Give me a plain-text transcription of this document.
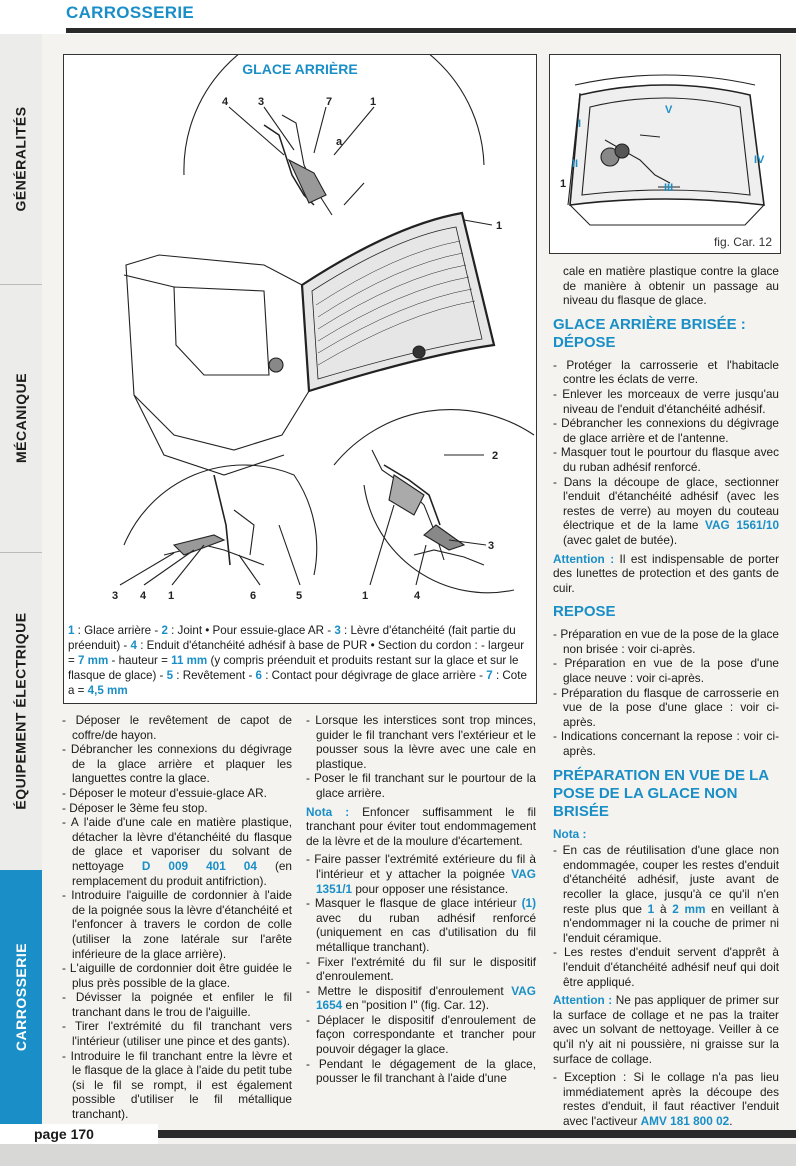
CARROSSERIE
GÉNÉRALITÉS
MÉCANIQUE
ÉQUIPEMENT ÉLECTRIQUE
CARROSSERIE
4	3	7	1
a
1
2
3 4 1	6	5	1	4
3
GLACE ARRIÈRE
1 : Glace arrière - 2 : Joint • Pour essuie-glace AR - 3 : Lèvre d'étanchéité (fait partie du préenduit) - 4 : Enduit d'étanchéité adhésif à base de PUR • Section du cordon : - largeur = 7 mm - hauteur = 11 mm (y compris préenduit et produits restant sur la glace et sur le flasque de glace) - 5 : Revêtement - 6 : Contact pour dégivrage de glace arrière - 7 : Cote a = 4,5 mm
V
I
II
1	III
IV
fig. Car. 12

- Déposer le revêtement de capot de coffre/de hayon.

- Débrancher les connexions du dégivrage de la glace arrière et plaquer les languettes contre la glace.

- Déposer le moteur d'essuie-glace AR.

- Déposer le 3ème feu stop.

- A l'aide d'une cale en matière plastique, détacher la lèvre d'étanchéité du flasque de glace et vaporiser du solvant de nettoyage D 009 401 04 (en remplacement du produit antifriction).

- Introduire l'aiguille de cordonnier à l'aide de la poignée sous la lèvre d'étanchéité et l'enfoncer à travers le cordon de colle (utiliser la zone latérale sur l'arête inférieure de la glace arrière).

- L'aiguille de cordonnier doit être guidée le plus près possible de la glace.

- Dévisser la poignée et enfiler le fil tranchant dans le trou de l'aiguille.

- Tirer l'extrémité du fil tranchant vers l'intérieur (utiliser une pince et des gants).

- Introduire le fil tranchant entre la lèvre et le flasque de la glace à l'aide du petit tube (si le fil se rompt, il est également possible d'utiliser le fil métallique tranchant).

- Lorsque les interstices sont trop minces, guider le fil tranchant vers l'extérieur et le pousser sous la lèvre avec une cale en plastique.

- Poser le fil tranchant sur le pourtour de la glace arrière.

Nota : Enfoncer suffisamment le fil tranchant pour éviter tout endommagement de la lèvre et de la moulure d'écartement.

- Faire passer l'extrémité extérieure du fil à l'intérieur et y attacher la poignée VAG 1351/1 pour opposer une résistance.

- Masquer le flasque de glace intérieur (1) avec du ruban adhésif renforcé (uniquement en cas d'utilisation du fil métallique tranchant).

- Fixer l'extrémité du fil sur le dispositif d'enroulement.

- Mettre le dispositif d'enroulement VAG 1654 en "position I" (fig. Car. 12).

- Déplacer le dispositif d'enroulement de façon correspondante et trancher pour pouvoir dégager la glace.

- Pendant le dégagement de la glace, pousser le fil tranchant à l'aide d'une

cale en matière plastique contre la glace de manière à obtenir un passage au niveau du flasque de glace.

GLACE ARRIÈRE BRISÉE : DÉPOSE

- Protéger la carrosserie et l'habitacle contre les éclats de verre.

- Enlever les morceaux de verre jusqu'au niveau de l'enduit d'étanchéité adhésif.

- Débrancher les connexions du dégivrage de glace arrière et de l'antenne.

- Masquer tout le pourtour du flasque avec du ruban adhésif renforcé.

- Dans la découpe de glace, sectionner l'enduit d'étanchéité adhésif (avec les restes de verre) au moyen du couteau électrique et de la lame VAG 1561/10 (avec galet de butée).

Attention : Il est indispensable de porter des lunettes de protection et des gants de cuir.

REPOSE

- Préparation en vue de la pose de la glace non brisée : voir ci-après.

- Préparation en vue de la pose d'une glace neuve : voir ci-après.

- Préparation du flasque de carrosserie en vue de la pose d'une glace : voir ci-après.

- Indications concernant la repose : voir ci-après.

PRÉPARATION EN VUE DE LA POSE DE LA GLACE NON BRISÉE

Nota :

- En cas de réutilisation d'une glace non endommagée, couper les restes d'enduit d'étanchéité adhésif, juste avant de recoller la glace, jusqu'à ce qu'il n'en reste plus que 1 à 2 mm en veillant à n'endommager ni la couche de primer ni l'enduit céramique.

- Les restes d'enduit servent d'apprêt à l'enduit d'étanchéité adhésif neuf qui doit être appliqué.

Attention : Ne pas appliquer de primer sur la surface de collage et ne pas la traiter avec un solvant de nettoyage. Veiller à ce qu'il n'y ait ni poussière, ni graisse sur la surface de collage.

- Exception : Si le collage n'a pas lieu immédiatement après la découpe des restes d'enduit, il faut réactiver l'enduit avec l'activeur AMV 181 800 02.

page 170
